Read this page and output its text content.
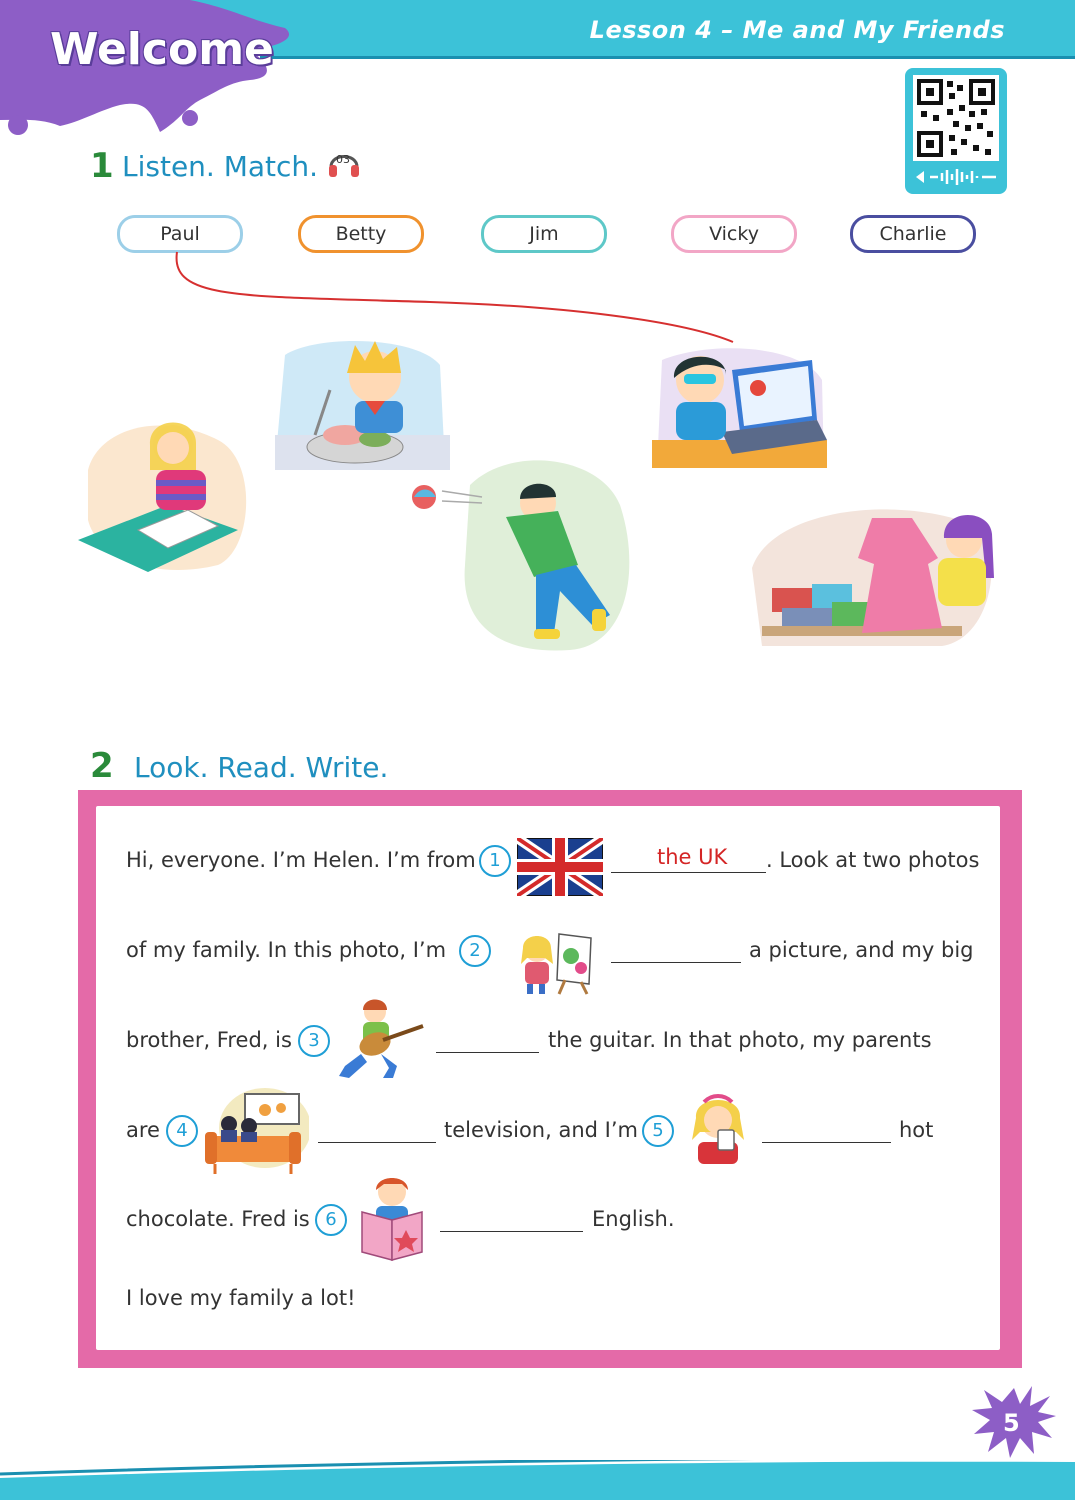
Welcome	Lesson 4 – Me and My Friends
1 Listen. Match. 03
Paul	Betty	Jim	Vicky	Charlie
2 Look. Read. Write.
Hi, everyone. I’m Helen. I’m from 1	the UK . Look at two photos
of my family. In this photo, I’m	2	a picture, and my big
brother, Fred, is 3	the guitar. In that photo, my parents
are 4	television, and I’m 5	hot
chocolate. Fred is 6	English.
I love my family a lot!
5
